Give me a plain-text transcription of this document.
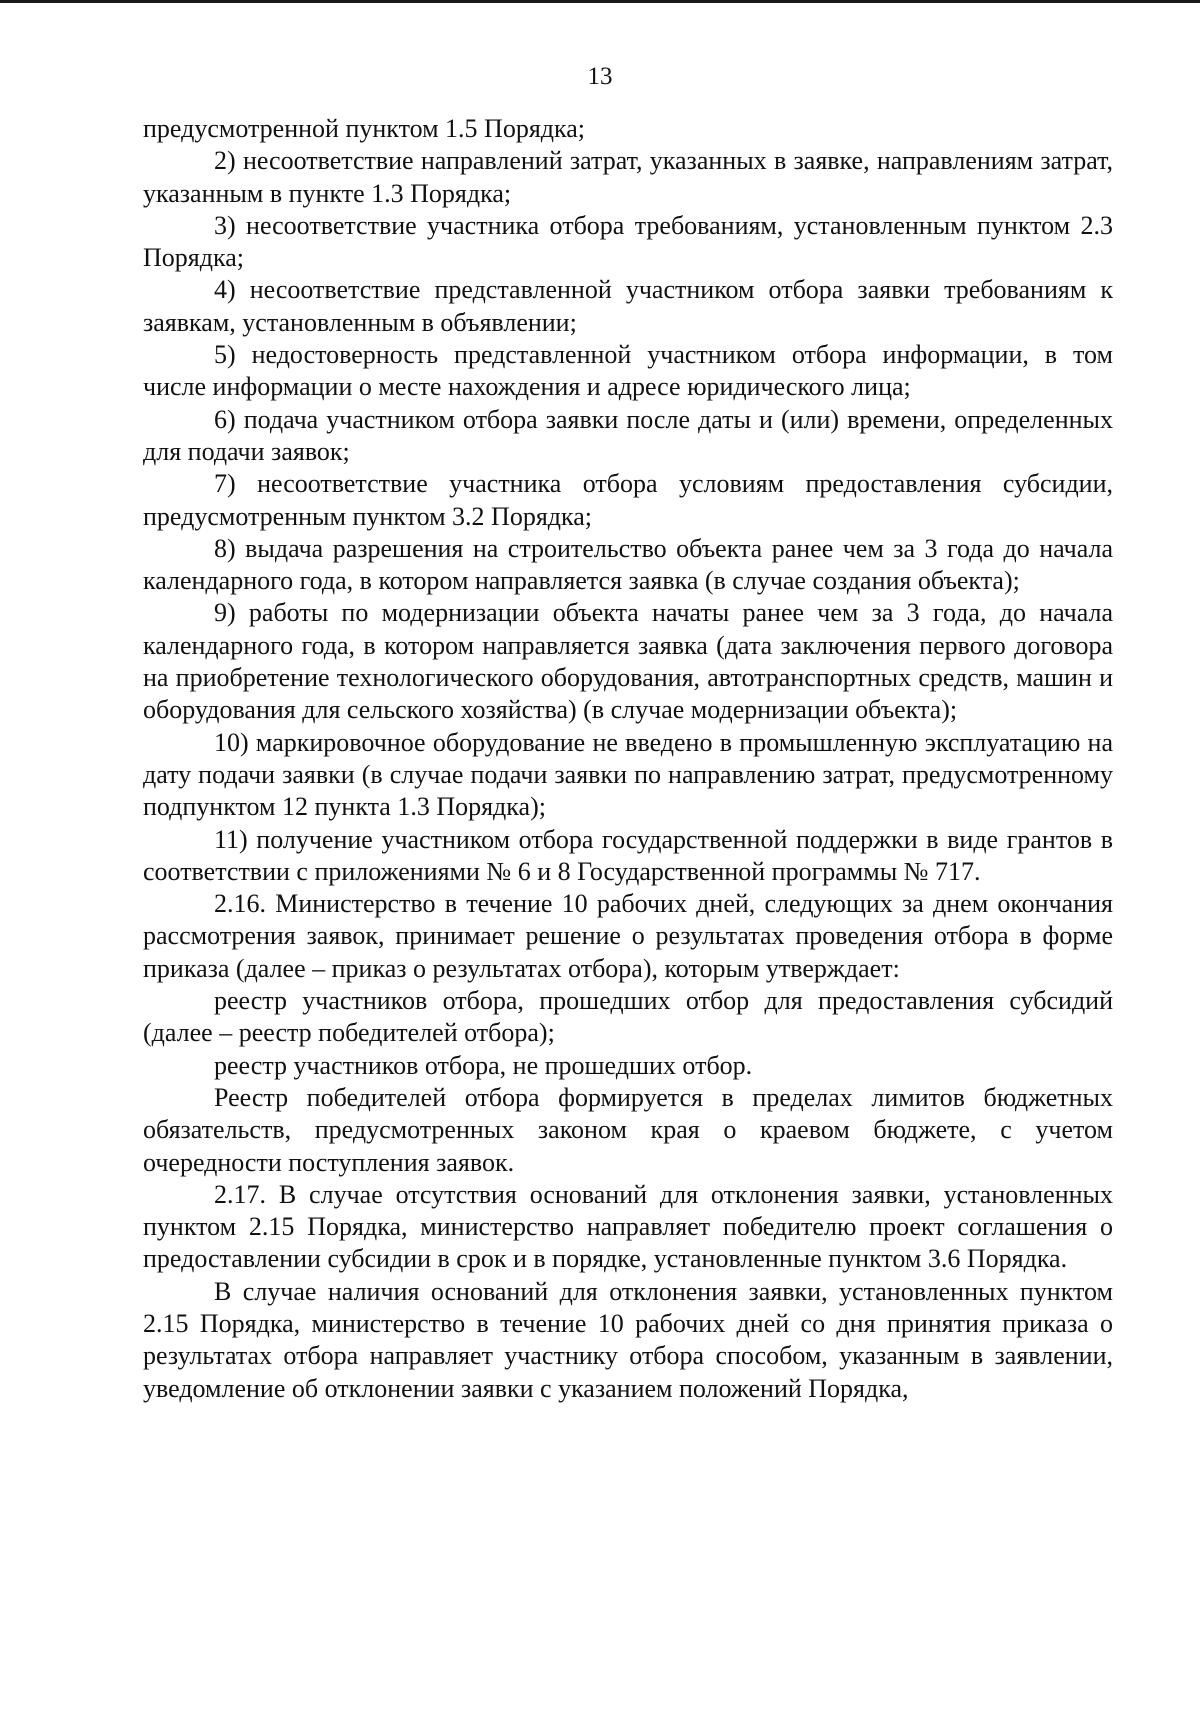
13

предусмотренной пунктом 1.5 Порядка;

2) несоответствие направлений затрат, указанных в заявке, направлениям затрат, указанным в пункте 1.3 Порядка;

3) несоответствие участника отбора требованиям, установленным пунктом 2.3 Порядка;

4) несоответствие представленной участником отбора заявки требованиям к заявкам, установленным в объявлении;

5) недостоверность представленной участником отбора информации, в том числе информации о месте нахождения и адресе юридического лица;

6) подача участником отбора заявки после даты и (или) времени, определенных для подачи заявок;

7) несоответствие участника отбора условиям предоставления субсидии, предусмотренным пунктом 3.2 Порядка;

8) выдача разрешения на строительство объекта ранее чем за 3 года до начала календарного года, в котором направляется заявка (в случае создания объекта);

9) работы по модернизации объекта начаты ранее чем за 3 года, до начала календарного года, в котором направляется заявка (дата заключения первого договора на приобретение технологического оборудования, автотранспортных средств, машин и оборудования для сельского хозяйства) (в случае модернизации объекта);

10) маркировочное оборудование не введено в промышленную эксплуатацию на дату подачи заявки (в случае подачи заявки по направлению затрат, предусмотренному подпунктом 12 пункта 1.3 Порядка);

11) получение участником отбора государственной поддержки в виде грантов в соответствии с приложениями № 6 и 8 Государственной программы № 717.

2.16. Министерство в течение 10 рабочих дней, следующих за днем окончания рассмотрения заявок, принимает решение о результатах проведения отбора в форме приказа (далее – приказ о результатах отбора), которым утверждает:

реестр участников отбора, прошедших отбор для предоставления субсидий (далее – реестр победителей отбора);

реестр участников отбора, не прошедших отбор.

Реестр победителей отбора формируется в пределах лимитов бюджетных обязательств, предусмотренных законом края о краевом бюджете, с учетом очередности поступления заявок.

2.17. В случае отсутствия оснований для отклонения заявки, установленных пунктом 2.15 Порядка, министерство направляет победителю проект соглашения о предоставлении субсидии в срок и в порядке, установленные пунктом 3.6 Порядка.

В случае наличия оснований для отклонения заявки, установленных пунктом 2.15 Порядка, министерство в течение 10 рабочих дней со дня принятия приказа о результатах отбора направляет участнику отбора способом, указанным в заявлении, уведомление об отклонении заявки с указанием положений Порядка,
